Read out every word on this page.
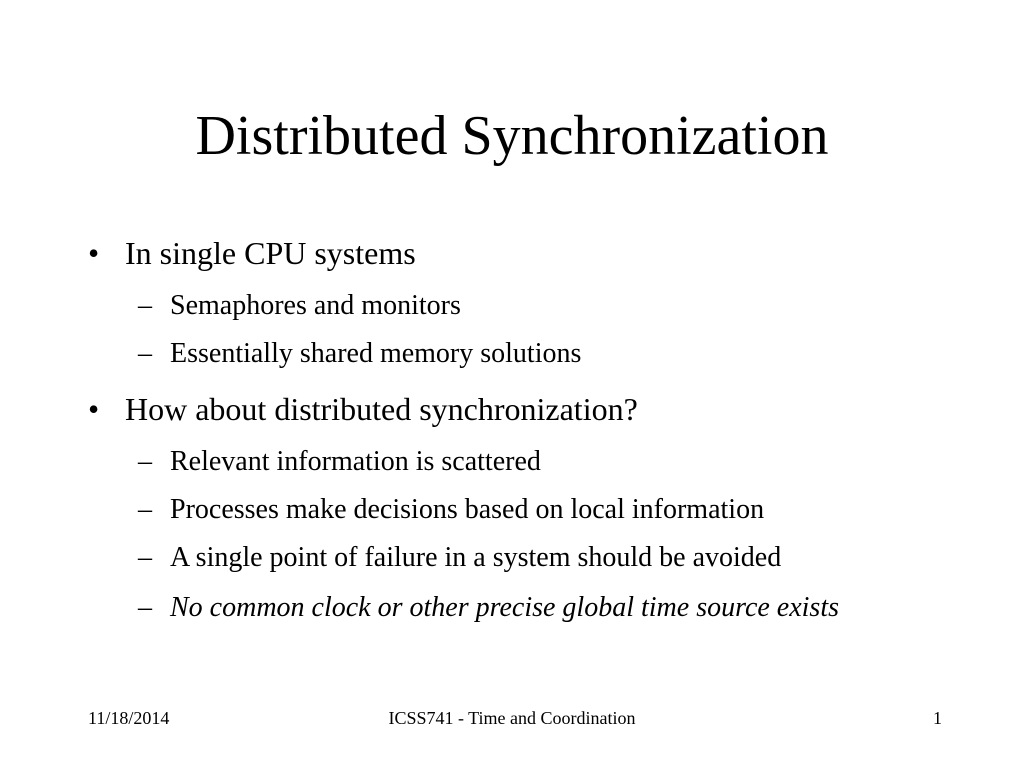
Distributed Synchronization
• In single CPU systems
– Semaphores and monitors
– Essentially shared memory solutions
• How about distributed synchronization?
– Relevant information is scattered
– Processes make decisions based on local information
– A single point of failure in a system should be avoided
– No common clock or other precise global time source exists
11/18/2014	ICSS741 - Time and Coordination	1
